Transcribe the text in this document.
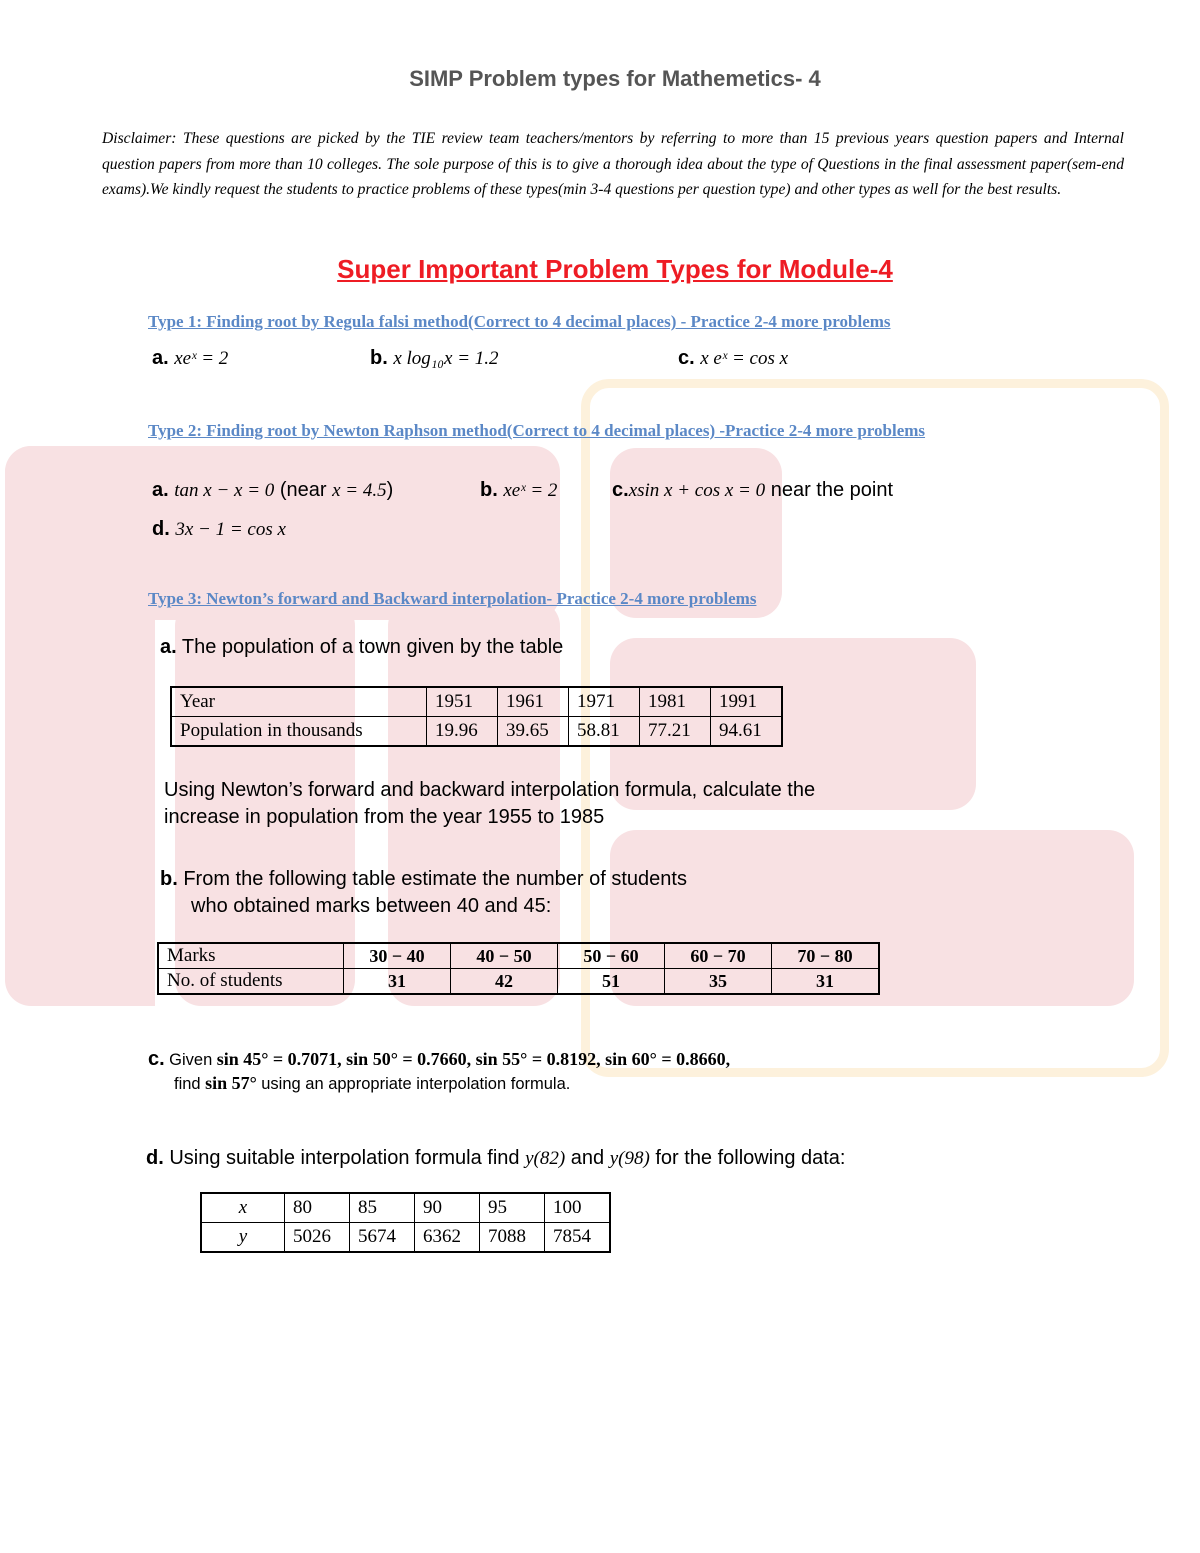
SIMP Problem types for Mathemetics- 4
Disclaimer: These questions are picked by the TIE review team teachers/mentors by referring to more than 15 previous years question papers and Internal question papers from more than 10 colleges. The sole purpose of this is to give a thorough idea about the type of Questions in the final assessment paper(sem-end exams).We kindly request the students to practice problems of these types(min 3-4 questions per question type) and other types as well for the best results.
Super Important Problem Types for Module-4
Type 1: Finding root by Regula falsi method(Correct to 4 decimal places) - Practice 2-4 more problems
a. xeˣ = 2	b. x log₁₀x = 1.2	c. x eˣ = cos x
Type 2: Finding root by Newton Raphson method(Correct to 4 decimal places) -Practice 2-4 more problems
a. tan x − x = 0 (near x = 4.5)	b. xeˣ = 2	c.xsin x + cos x = 0 near the point
d. 3x − 1 = cos x
Type 3: Newton’s forward and Backward interpolation- Practice 2-4 more problems
a. The population of a town given by the table
Year	1951	1961	1971	1981	1991
Population in thousands	19.96	39.65	58.81	77.21	94.61
Using Newton’s forward and backward interpolation formula, calculate the
increase in population from the year 1955 to 1985
b. From the following table estimate the number of students
who obtained marks between 40 and 45:
Marks	30 − 40	40 − 50	50 − 60	60 − 70	70 − 80
No. of students	31	42	51	35	31
c. Given sin 45° = 0.7071, sin 50° = 0.7660, sin 55° = 0.8192, sin 60° = 0.8660,
find sin 57° using an appropriate interpolation formula.
d. Using suitable interpolation formula find y(82) and y(98) for the following data:
x	80	85	90	95	100
y	5026	5674	6362	7088	7854
